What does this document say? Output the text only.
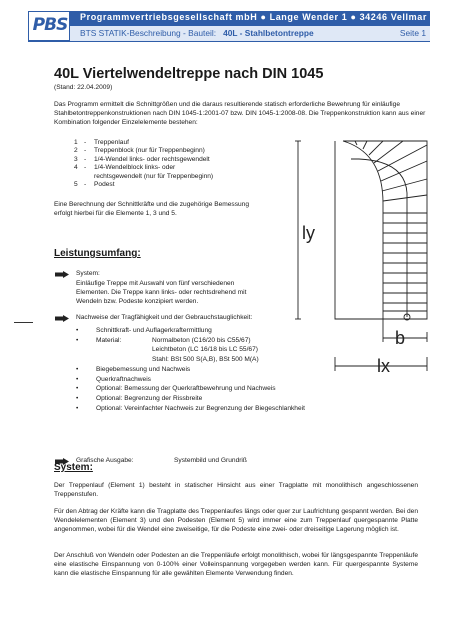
PBS	Programmvertriebsgesellschaft mbH ● Lange Wender 1 ● 34246 Vellmar
BTS STATIK-Beschreibung - Bauteil: 40L - Stahlbetontreppe	Seite 1
40L Viertelwendeltreppe nach DIN 1045
(Stand: 22.04.2009)
Das Programm ermittelt die Schnittgrößen und die daraus resultierende statisch erforderliche Bewehrung für einläufige Stahlbetontreppenkonstruktionen nach DIN 1045-1:2001-07 bzw. DIN 1045-1:2008-08. Die Treppenkonstruktion kann aus einer Kombination folgender Einzelelemente bestehen:
1 -	Treppenlauf
2 -	Treppenblock (nur für Treppenbeginn)
3 -	1/4-Wendel links- oder rechtsgewendelt
4 -	1/4-Wendelblock links- oder rechtsgewendelt (nur für Treppenbeginn)
5 -	Podest
Eine Berechnung der Schnittkräfte und die zugehörige Bemessung erfolgt hierbei für die Elemente 1, 3 und 5.
Leistungsumfang:
System:
Einläufige Treppe mit Auswahl von fünf verschiedenen Elementen. Die Treppe kann links- oder rechtsdrehend mit Wendeln bzw. Podeste konzipiert werden.
Nachweise der Tragfähigkeit und der Gebrauchstauglichkeit:
•	Schnittkraft- und Auflagerkraftermittlung
•	Material:	Normalbeton (C16/20 bis C55/67)
Leichtbeton (LC 16/18 bis LC 55/67)
Stahl: BSt 500 S(A,B), BSt 500 M(A)
•	Biegebemessung und Nachweis
•	Querkraftnachweis
•	Optional: Bemessung der Querkraftbewehrung und Nachweis
•	Optional: Begrenzung der Rissbreite
•	Optional: Vereinfachter Nachweis zur Begrenzung der Biegeschlankheit
Grafische Ausgabe:	Systembild und Grundriß
System:
Der Treppenlauf (Element 1) besteht in statischer Hinsicht aus einer Tragplatte mit monolithisch angeschlossenen Treppenstufen.
Für den Abtrag der Kräfte kann die Tragplatte des Treppenlaufes längs oder quer zur Laufrichtung gespannt werden. Bei den Wendelelementen (Element 3) und den Podesten (Element 5) wird immer eine zum Treppenlauf quergespannte Platte angenommen, wobei für die Wendel eine zweiseitige, für die Podeste eine zwei- oder dreiseitige Lagerung möglich ist.
Der Anschluß von Wendeln oder Podesten an die Treppenläufe erfolgt monolithisch, wobei für längsgespannte Treppenläufe eine elastische Einspannung von 0-100% einer Volleinspannung vorgegeben werden kann. Für quergespannte Systeme kann die elastische Einspannung für alle gewählten Elemente Verwendung finden.
ly
b
lx
